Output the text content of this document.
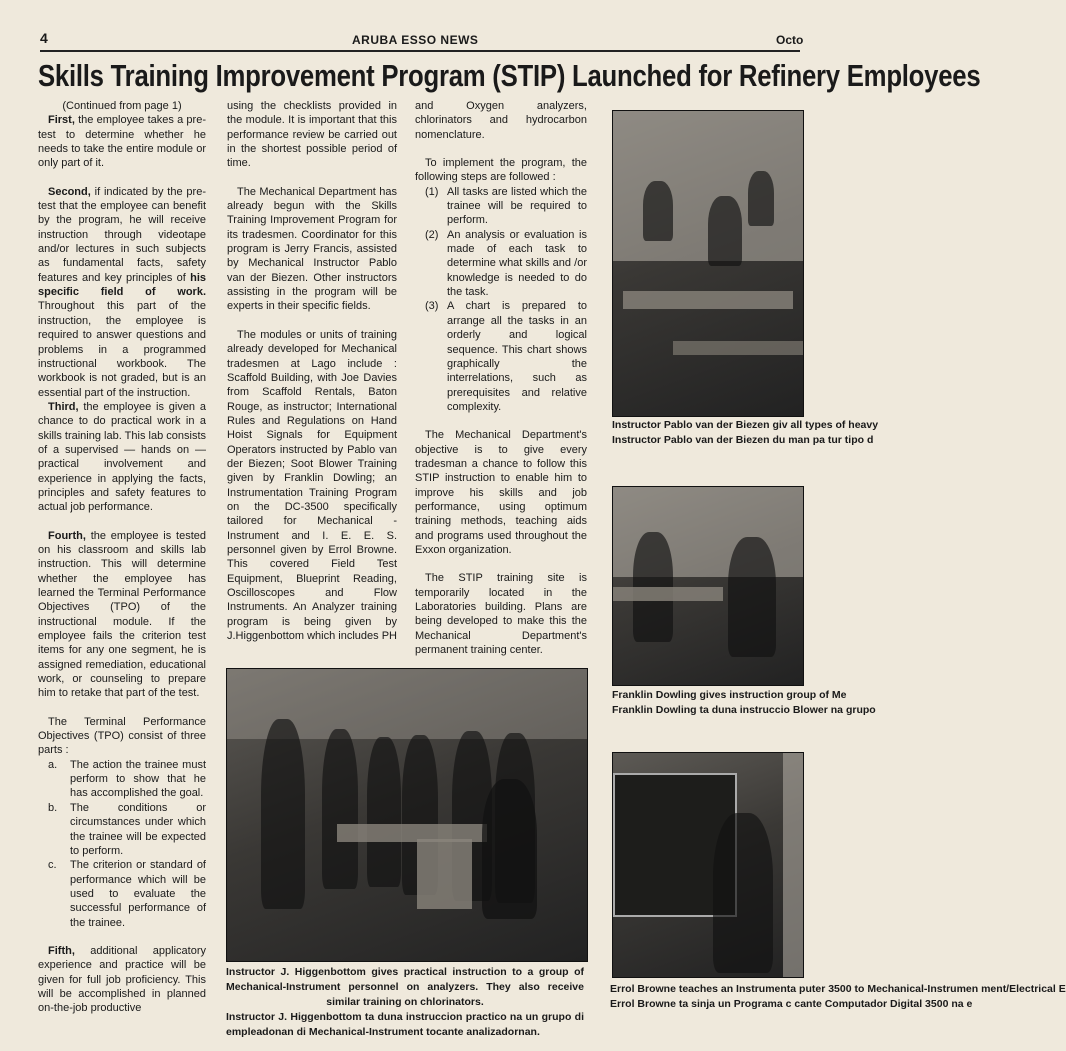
4	ARUBA ESSO NEWS	Octo
Skills Training Improvement Program (STIP) Launched for Refinery Employees

(Continued from page 1)

First, the employee takes a pre-test to determine whether he needs to take the entire module or only part of it.

Second, if indicated by the pre-test that the employee can benefit by the program, he will receive instruction through videotape and/or lectures in such subjects as fundamental facts, safety features and key principles of his specific field of work. Throughout this part of the instruction, the employee is required to answer questions and problems in a programmed instructional workbook. The workbook is not graded, but is an essential part of the instruction.

Third, the employee is given a chance to do practical work in a skills training lab. This lab consists of a supervised — hands on — practical involvement and experience in applying the facts, principles and safety features to actual job performance.

Fourth, the employee is tested on his classroom and skills lab instruction. This will determine whether the employee has learned the Terminal Performance Objectives (TPO) of the instructional module. If the employee fails the criterion test items for any one segment, he is assigned remediation, educational work, or counseling to prepare him to retake that part of the test.

The Terminal Performance Objectives (TPO) consist of three parts :

a.	The action the trainee must perform to show that he has accomplished the goal.
b.	The conditions or circumstances under which the trainee will be expected to perform.
c.	The criterion or standard of performance which will be used to evaluate the successful performance of the trainee.

Fifth, additional applicatory experience and practice will be given for full job proficiency. This will be accomplished in planned on-the-job productive

using the checklists provided in the module. It is important that this performance review be carried out in the shortest possible period of time.

The Mechanical Department has already begun with the Skills Training Improvement Program for its tradesmen. Coordinator for this program is Jerry Francis, assisted by Mechanical Instructor Pablo van der Biezen. Other instructors assisting in the program will be experts in their specific fields.

The modules or units of training already developed for Mechanical tradesmen at Lago include : Scaffold Building, with Joe Davies from Scaffold Rentals, Baton Rouge, as instructor; International Rules and Regulations on Hand Hoist Signals for Equipment Operators instructed by Pablo van der Biezen; Soot Blower Training given by Franklin Dowling; an Instrumentation Training Program on the DC-3500 specifically tailored for Mechanical - Instrument and I. E. E. S. personnel given by Errol Browne. This covered Field Test Equipment, Blueprint Reading, Oscilloscopes and Flow Instruments. An Analyzer training program is being given by J.Higgenbottom which includes PH

and Oxygen analyzers, chlorinators and hydrocarbon nomenclature.

To implement the program, the following steps are followed :

(1) All tasks are listed which the trainee will be required to perform.
(2) An analysis or evaluation is made of each task to determine what skills and /or knowledge is needed to do the task.
(3) A chart is prepared to arrange all the tasks in an orderly and logical sequence. This chart shows graphically the interrelations, such as prerequisites and relative complexity.

The Mechanical Department's objective is to give every tradesman a chance to follow this STIP instruction to enable him to improve his skills and job performance, using optimum training methods, teaching aids and programs used throughout the Exxon organization.

The STIP training site is temporarily located in the Laboratories building. Plans are being developed to make this the Mechanical Department's permanent training center.

Instructor Pablo van der Biezen giv all types of heavy

Instructor Pablo van der Biezen du man pa tur tipo d

Franklin Dowling gives instruction group of Me

Franklin Dowling ta duna instruccio Blower na grupo

Errol Browne teaches an Instrumenta puter 3500 to Mechanical-Instrumen ment/Electrical E

Errol Browne ta sinja un Programa c cante Computador Digital 3500 na e

Instructor J. Higgenbottom gives practical instruction to a group of Mechanical-Instrument personnel on analyzers. They also receive similar training on chlorinators.

Instructor J. Higgenbottom ta duna instruccion practico na un grupo di empleadonan di Mechanical-Instrument tocante analizadornan.
